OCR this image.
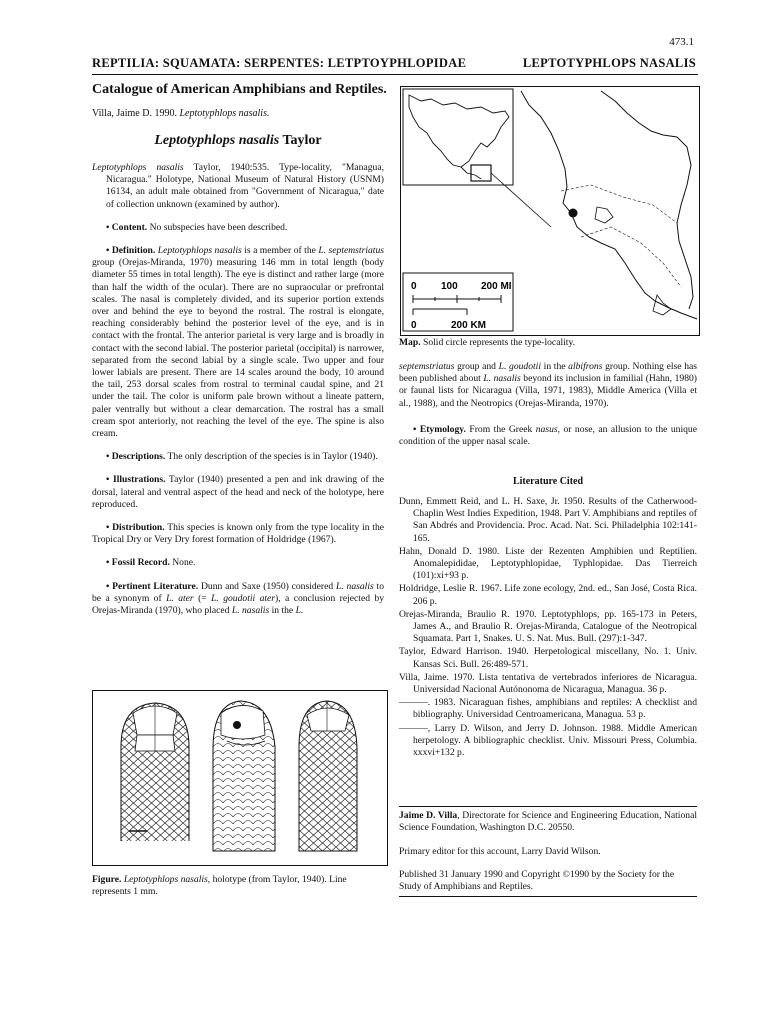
473.1
REPTILIA: SQUAMATA: SERPENTES: LETPTOYPHLOPIDAE	LEPTOTYPHLOPS NASALIS
Catalogue of American Amphibians and Reptiles.
Villa, Jaime D. 1990. Leptotyphlops nasalis.
Leptotyphlops nasalis Taylor

Leptotyphlops nasalis Taylor, 1940:535. Type-locality, "Managua, Nicaragua." Holotype, National Museum of Natural History (USNM) 16134, an adult male obtained from "Government of Nicaragua," date of collection unknown (examined by author).

• Content. No subspecies have been described.

• Definition. Leptotyphlops nasalis is a member of the L. septemstriatus group (Orejas-Miranda, 1970) measuring 146 mm in total length (body diameter 55 times in total length). The eye is distinct and rather large (more than half the width of the ocular). There are no supraocular or prefrontal scales. The nasal is completely divided, and its superior portion extends over and behind the eye to beyond the rostral. The rostral is elongate, reaching considerably behind the posterior level of the eye, and is in contact with the frontal. The anterior parietal is very large and is broadly in contact with the second labial. The posterior parietal (occipital) is narrower, separated from the second labial by a single scale. Two upper and four lower labials are present. There are 14 scales around the body, 10 around the tail, 253 dorsal scales from rostral to terminal caudal spine, and 21 under the tail. The color is uniform pale brown without a lineate pattern, paler ventrally but without a clear demarcation. The rostral has a small cream spot anteriorly, not reaching the level of the eye. The spine is also cream.

• Descriptions. The only description of the species is in Taylor (1940).

• Illustrations. Taylor (1940) presented a pen and ink drawing of the dorsal, lateral and ventral aspect of the head and neck of the holotype, here reproduced.

• Distribution. This species is known only from the type locality in the Tropical Dry or Very Dry forest formation of Holdridge (1967).

• Fossil Record. None.

• Pertinent Literature. Dunn and Saxe (1950) considered L. nasalis to be a synonym of L. ater (= L. goudotii ater), a conclusion rejected by Orejas-Miranda (1970), who placed L. nasalis in the L.

0 100 200 MI
0	200 KM
Map. Solid circle represents the type-locality.

septemstriatus group and L. goudotii in the albifrons group. Nothing else has been published about L. nasalis beyond its inclusion in familial (Hahn, 1980) or faunal lists for Nicaragua (Villa, 1971, 1983), Middle America (Villa et al., 1988), and the Neotropics (Orejas-Miranda, 1970).

• Etymology. From the Greek nasus, or nose, an allusion to the unique condition of the upper nasal scale.

Literature Cited

Dunn, Emmett Reid, and L. H. Saxe, Jr. 1950. Results of the Catherwood-Chaplin West Indies Expedition, 1948. Part V. Amphibians and reptiles of San Abdrés and Providencia. Proc. Acad. Nat. Sci. Philadelphia 102:141-165.

Hahn, Donald D. 1980. Liste der Rezenten Amphibien und Reptilien. Anomalepididae, Leptotyphlopidae, Typhlopidae. Das Tierreich (101):xi+93 p.

Holdridge, Leslie R. 1967. Life zone ecology, 2nd. ed., San José, Costa Rica. 206 p.

Orejas-Miranda, Braulio R. 1970. Leptotyphlops, pp. 165-173 in Peters, James A., and Braulio R. Orejas-Miranda, Catalogue of the Neotropical Squamata. Part 1, Snakes. U. S. Nat. Mus. Bull. (297):1-347.

Taylor, Edward Harrison. 1940. Herpetological miscellany, No. 1. Univ. Kansas Sci. Bull. 26:489-571.

Villa, Jaime. 1970. Lista tentativa de vertebrados inferiores de Nicaragua. Universidad Nacional Autónonoma de Nicaragua, Managua. 36 p.

———. 1983. Nicaraguan fishes, amphibians and reptiles: A checklist and bibliography. Universidad Centroamericana, Managua. 53 p.

———, Larry D. Wilson, and Jerry D. Johnson. 1988. Middle American herpetology. A bibliographic checklist. Univ. Missouri Press, Columbia. xxxvi+132 p.

Jaime D. Villa, Directorate for Science and Engineering Education, National Science Foundation, Washington D.C. 20550.

Primary editor for this account, Larry David Wilson.

Published 31 January 1990 and Copyright ©1990 by the Society for the Study of Amphibians and Reptiles.
Figure. Leptotyphlops nasalis, holotype (from Taylor, 1940). Line represents 1 mm.
